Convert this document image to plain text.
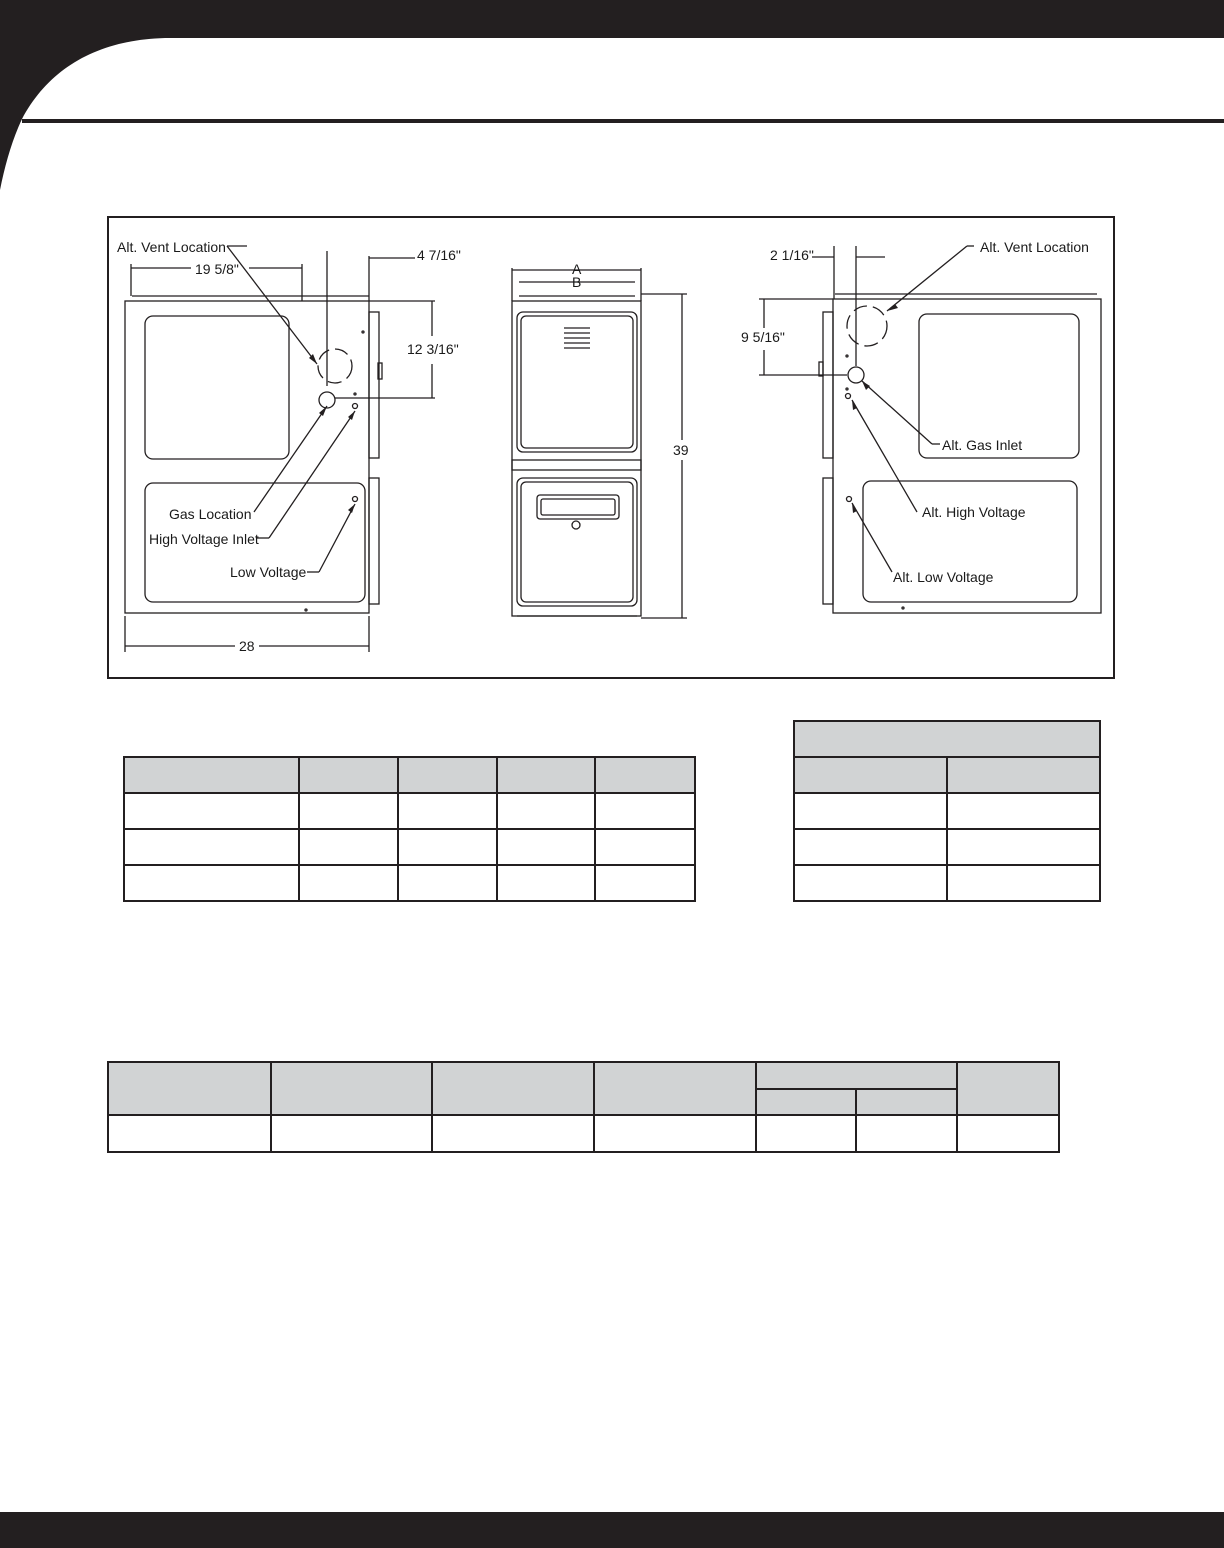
Alt. Vent Location
19 5/8"
4 7/16"
12 3/16"
Gas Location
High Voltage Inlet
Low Voltage
28
A
B
39
2 1/16"	Alt. Vent Location
9 5/16"
Alt. Gas Inlet
Alt. High Voltage
Alt. Low Voltage
